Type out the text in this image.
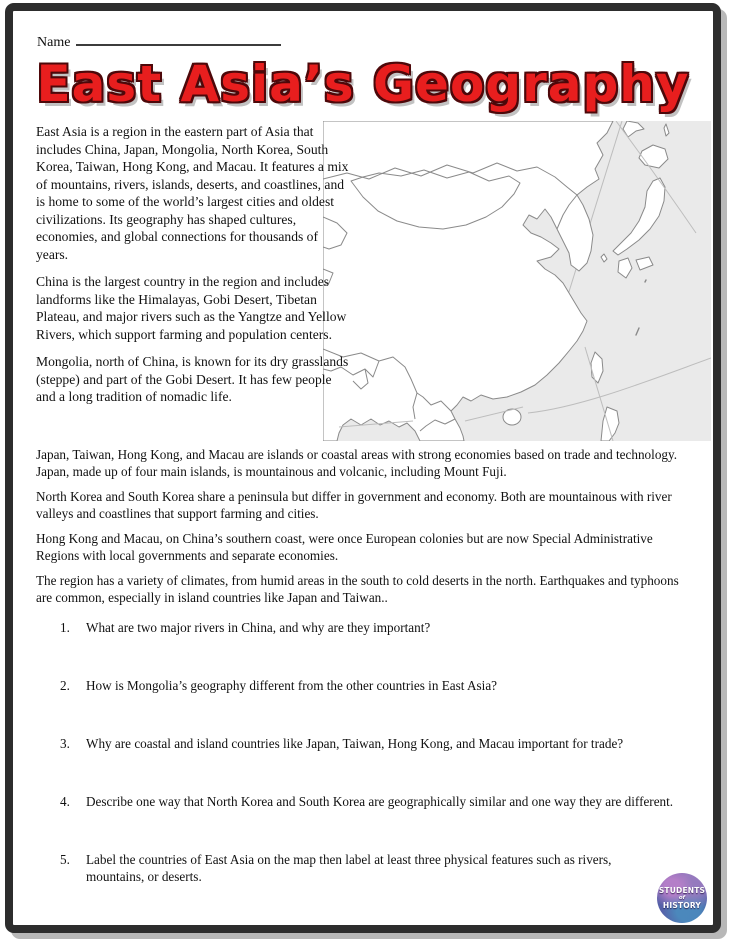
Name
East Asia’s Geography

East Asia is a region in the eastern part of Asia that includes China, Japan, Mongolia, North Korea, South Korea, Taiwan, Hong Kong, and Macau. It features a mix of mountains, rivers, islands, deserts, and coastlines, and is home to some of the world’s largest cities and oldest civilizations. Its geography has shaped cultures, economies, and global connections for thousands of years.

China is the largest country in the region and includes landforms like the Himalayas, Gobi Desert, Tibetan Plateau, and major rivers such as the Yangtze and Yellow Rivers, which support farming and population centers.

Mongolia, north of China, is known for its dry grasslands (steppe) and part of the Gobi Desert. It has few people and a long tradition of nomadic life.

Japan, Taiwan, Hong Kong, and Macau are islands or coastal areas with strong economies based on trade and technology. Japan, made up of four main islands, is mountainous and volcanic, including Mount Fuji.

North Korea and South Korea share a peninsula but differ in government and economy. Both are mountainous with river valleys and coastlines that support farming and cities.

Hong Kong and Macau, on China’s southern coast, were once European colonies but are now Special Administrative Regions with local governments and separate economies.

The region has a variety of climates, from humid areas in the south to cold deserts in the north. Earthquakes and typhoons are common, especially in island countries like Japan and Taiwan..

1.	What are two major rivers in China, and why are they important?
2.	How is Mongolia’s geography different from the other countries in East Asia?
3.	Why are coastal and island countries like Japan, Taiwan, Hong Kong, and Macau important for trade?
4.	Describe one way that North Korea and South Korea are geographically similar and one way they are different.
5.	Label the countries of East Asia on the map then label at least three physical features such as rivers, mountains, or deserts.
STUDENTS
of
HISTORY
